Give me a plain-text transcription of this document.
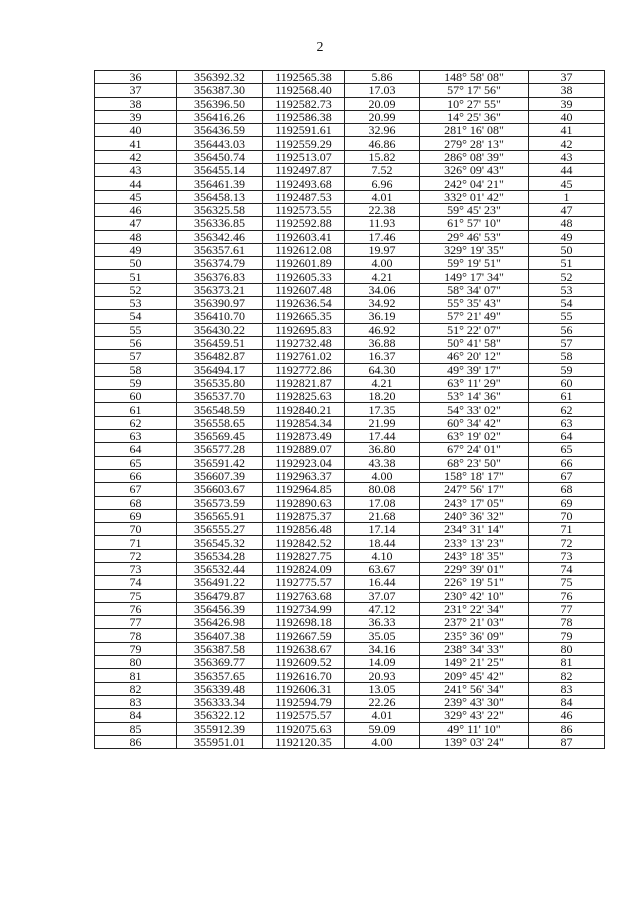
2
36	356392.32	1192565.38	5.86	148° 58' 08"	37
37	356387.30	1192568.40	17.03	57° 17' 56"	38
38	356396.50	1192582.73	20.09	10° 27' 55"	39
39	356416.26	1192586.38	20.99	14° 25' 36"	40
40	356436.59	1192591.61	32.96	281° 16' 08"	41
41	356443.03	1192559.29	46.86	279° 28' 13"	42
42	356450.74	1192513.07	15.82	286° 08' 39"	43
43	356455.14	1192497.87	7.52	326° 09' 43"	44
44	356461.39	1192493.68	6.96	242° 04' 21"	45
45	356458.13	1192487.53	4.01	332° 01' 42"	1
46	356325.58	1192573.55	22.38	59° 45' 23"	47
47	356336.85	1192592.88	11.93	61° 57' 10"	48
48	356342.46	1192603.41	17.46	29° 46' 53"	49
49	356357.61	1192612.08	19.97	329° 19' 35"	50
50	356374.79	1192601.89	4.00	59° 19' 51"	51
51	356376.83	1192605.33	4.21	149° 17' 34"	52
52	356373.21	1192607.48	34.06	58° 34' 07"	53
53	356390.97	1192636.54	34.92	55° 35' 43"	54
54	356410.70	1192665.35	36.19	57° 21' 49"	55
55	356430.22	1192695.83	46.92	51° 22' 07"	56
56	356459.51	1192732.48	36.88	50° 41' 58"	57
57	356482.87	1192761.02	16.37	46° 20' 12"	58
58	356494.17	1192772.86	64.30	49° 39' 17"	59
59	356535.80	1192821.87	4.21	63° 11' 29"	60
60	356537.70	1192825.63	18.20	53° 14' 36"	61
61	356548.59	1192840.21	17.35	54° 33' 02"	62
62	356558.65	1192854.34	21.99	60° 34' 42"	63
63	356569.45	1192873.49	17.44	63° 19' 02"	64
64	356577.28	1192889.07	36.80	67° 24' 01"	65
65	356591.42	1192923.04	43.38	68° 23' 50"	66
66	356607.39	1192963.37	4.00	158° 18' 17"	67
67	356603.67	1192964.85	80.08	247° 56' 17"	68
68	356573.59	1192890.63	17.08	243° 17' 05"	69
69	356565.91	1192875.37	21.68	240° 36' 32"	70
70	356555.27	1192856.48	17.14	234° 31' 14"	71
71	356545.32	1192842.52	18.44	233° 13' 23"	72
72	356534.28	1192827.75	4.10	243° 18' 35"	73
73	356532.44	1192824.09	63.67	229° 39' 01"	74
74	356491.22	1192775.57	16.44	226° 19' 51"	75
75	356479.87	1192763.68	37.07	230° 42' 10"	76
76	356456.39	1192734.99	47.12	231° 22' 34"	77
77	356426.98	1192698.18	36.33	237° 21' 03"	78
78	356407.38	1192667.59	35.05	235° 36' 09"	79
79	356387.58	1192638.67	34.16	238° 34' 33"	80
80	356369.77	1192609.52	14.09	149° 21' 25"	81
81	356357.65	1192616.70	20.93	209° 45' 42"	82
82	356339.48	1192606.31	13.05	241° 56' 34"	83
83	356333.34	1192594.79	22.26	239° 43' 30"	84
84	356322.12	1192575.57	4.01	329° 43' 22"	46
85	355912.39	1192075.63	59.09	49° 11' 10"	86
86	355951.01	1192120.35	4.00	139° 03' 24"	87
